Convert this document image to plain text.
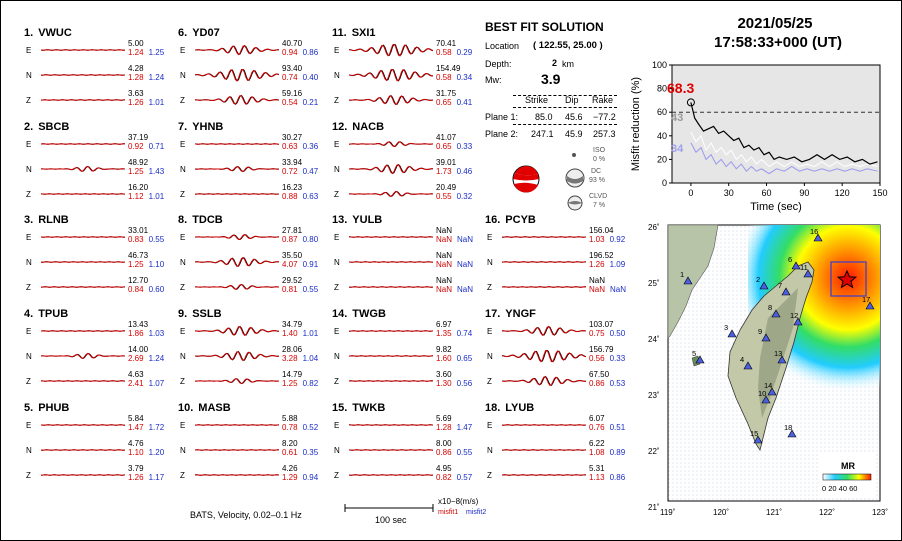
1. VWUC
E
5.00
1.24 1.25
N
4.28
1.28 1.24
Z
3.63
1.26 1.01
2. SBCB
E
37.19
0.92 0.71
N
48.92
1.25 1.43
Z
16.20
1.12 1.01
3. RLNB
E
33.01
0.83 0.55
N
46.73
1.25 1.10
Z
12.70
0.84 0.60
4. TPUB
E
13.43
1.86 1.03
N
14.00
2.69 1.24
Z
4.63
2.41 1.07
5. PHUB
E
5.84
1.47 1.72
N
4.76
1.10 1.20
Z
3.79
1.26 1.17
6. YD07
E
40.70
0.94 0.86
N
93.40
0.74 0.40
Z
59.16
0.54 0.21
7. YHNB
E
30.27
0.63 0.36
N
33.94
0.72 0.47
Z
16.23
0.88 0.63
8. TDCB
E
27.81
0.87 0.80
N
35.50
4.07 0.91
Z
29.52
0.81 0.55
9. SSLB
E
34.79
1.40 1.01
N
28.06
3.28 1.04
Z
14.79
1.25 0.82
10. MASB
E
5.88
0.78 0.52
N
8.20
0.61 0.35
Z
4.26
1.29 0.94
11. SXI1
E
70.41
0.58 0.29
N
154.49
0.58 0.34
Z
31.75
0.65 0.41
12. NACB
E
41.07
0.65 0.33
N
39.01
1.73 0.46
Z
20.49
0.55 0.32
13. YULB
E
NaN
NaN NaN
N
NaN
NaN NaN
Z
NaN
NaN NaN
14. TWGB
E
6.97
1.35 0.74
N
9.82
1.60 0.65
Z
3.60
1.30 0.56
15. TWKB
E
5.69
1.28 1.47
N
8.00
0.86 0.55
Z
4.95
0.82 0.57
16. PCYB
E
156.04
1.03 0.92
N
196.52
1.26 1.09
Z
NaN
NaN NaN
17. YNGF
E
103.07
0.75 0.50
N
156.79
0.56 0.33
Z
67.50
0.86 0.53
18. LYUB
E
6.07
0.76 0.51
N
6.22
1.08 0.89
Z
5.31
1.13 0.86
BATS, Velocity, 0.02–0.1 Hz	100 sec
x10−8(m/s)
misfit1 misfit2
BEST FIT SOLUTION
Location ( 122.55, 25.00 )
Depth:	2 km
Mw:	3.9
Strike Dip Rake
Plane 1: 85.0 45.6 −77.2
Plane 2: 247.1 45.9 257.3
ISO
0 %
DC
93 %
CLVD
7 %
2021/05/25
17:58:33+000 (UT)
0	30	60	90	120	150
0
20
40
60
80
100
Time (sec)
Misfit reduction (%) 68.3
43
34
1
2
3
4
5
6
7
8
9
10
11
12
13
14
15
16
17
18
119˚	120˚	121˚	122˚	123˚
26˚
25˚
24˚
23˚
22˚
21˚
MR
0 20 40 60
